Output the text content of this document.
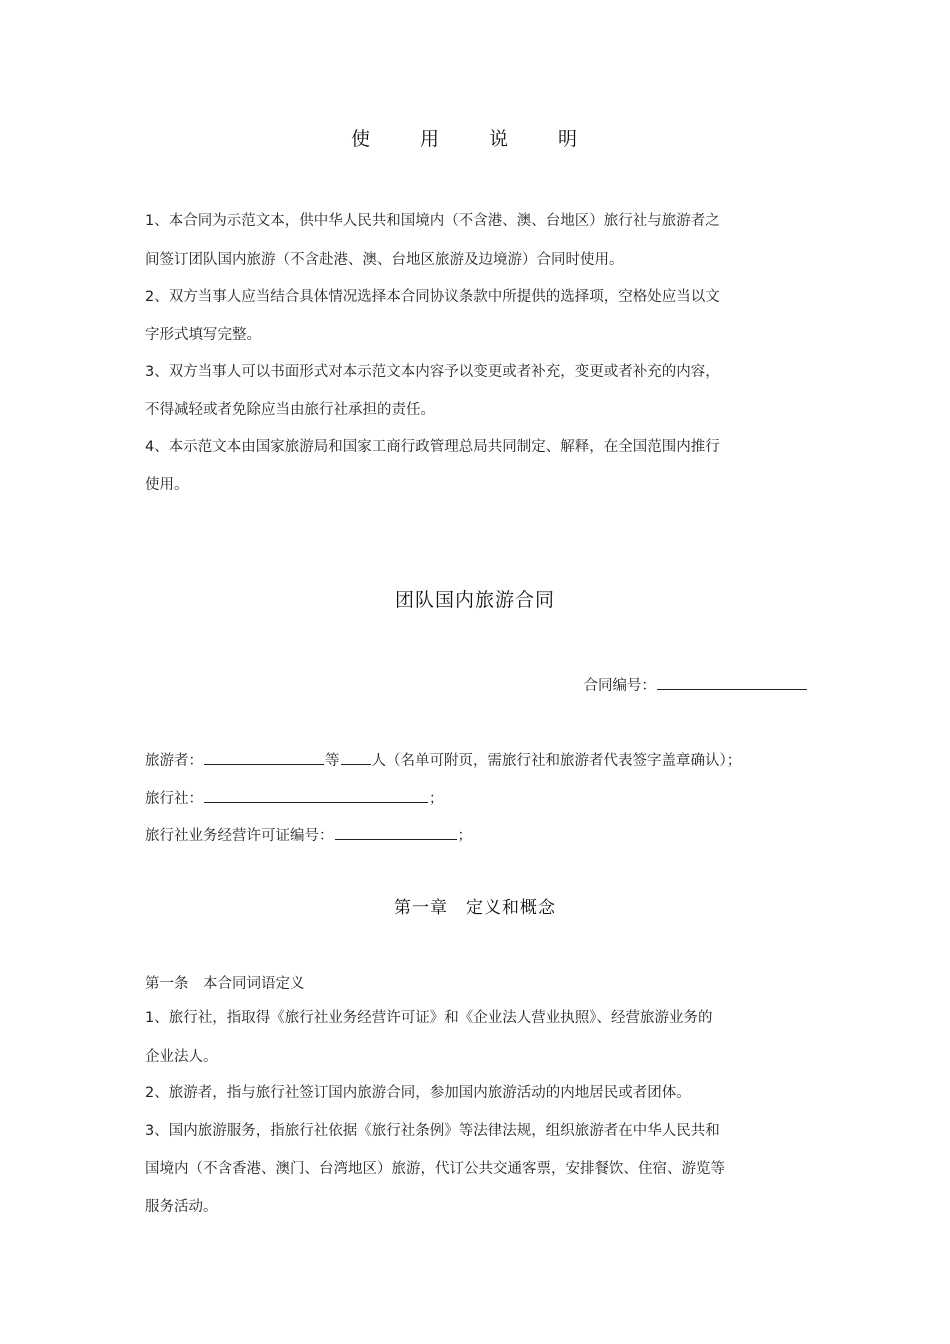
使 用 说 明
1、本合同为示范文本，供中华人民共和国境内（不含港、澳、台地区）旅行社与旅游者之
间签订团队国内旅游（不含赴港、澳、台地区旅游及边境游）合同时使用。
2、双方当事人应当结合具体情况选择本合同协议条款中所提供的选择项，空格处应当以文
字形式填写完整。
3、双方当事人可以书面形式对本示范文本内容予以变更或者补充，变更或者补充的内容，
不得减轻或者免除应当由旅行社承担的责任。
4、本示范文本由国家旅游局和国家工商行政管理总局共同制定、解释，在全国范围内推行
使用。
团队国内旅游合同
合同编号：
旅游者：	等 人（名单可附页，需旅行社和旅游者代表签字盖章确认）；
旅行社：	；
旅行社业务经营许可证编号：	；
第一章　定义和概念
第一条　本合同词语定义
1、旅行社，指取得《旅行社业务经营许可证》和《企业法人营业执照》、经营旅游业务的
企业法人。
2、旅游者，指与旅行社签订国内旅游合同，参加国内旅游活动的内地居民或者团体。
3、国内旅游服务，指旅行社依据《旅行社条例》等法律法规，组织旅游者在中华人民共和
国境内（不含香港、澳门、台湾地区）旅游，代订公共交通客票，安排餐饮、住宿、游览等
服务活动。
